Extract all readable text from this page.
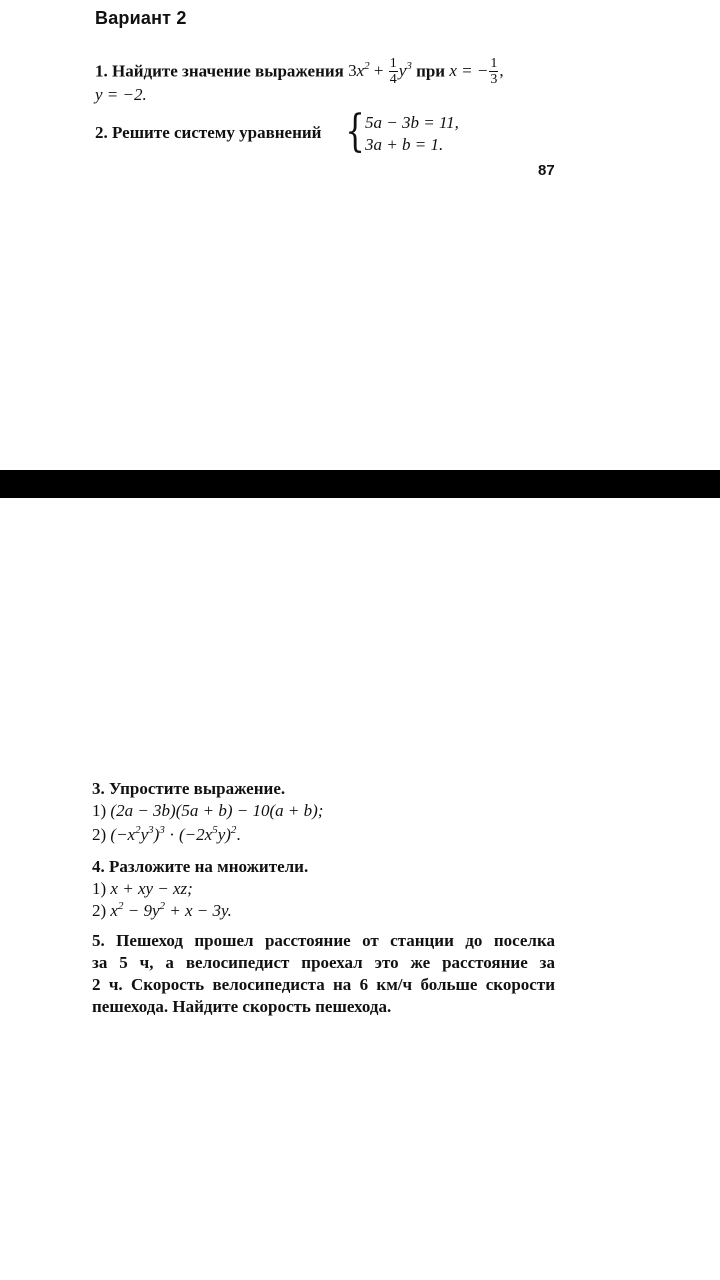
Вариант 2
1. Найдите значение выражения $3x^2 + \frac{1}{4} y^3$ при x = − $\frac{1}{3}$ ,
y = −2.
2. Решите систему уравнений { 5a − 3b = 11,
3a + b = 1.
87
3. Упростите выражение.
1) (2a − 3b)(5a + b) − 10(a + b);
2) $(-x^2y^3)^3 \cdot (-2x^5y)^2$.
4. Разложите на множители.
1) x + xy − xz;
2) $x^2 - 9y^2 + x - 3y$.
5. Пешеход прошел расстояние от станции до поселка
за 5 ч, а велосипедист проехал это же расстояние за
2 ч. Скорость велосипедиста на 6 км/ч больше скорости
пешехода. Найдите скорость пешехода.
